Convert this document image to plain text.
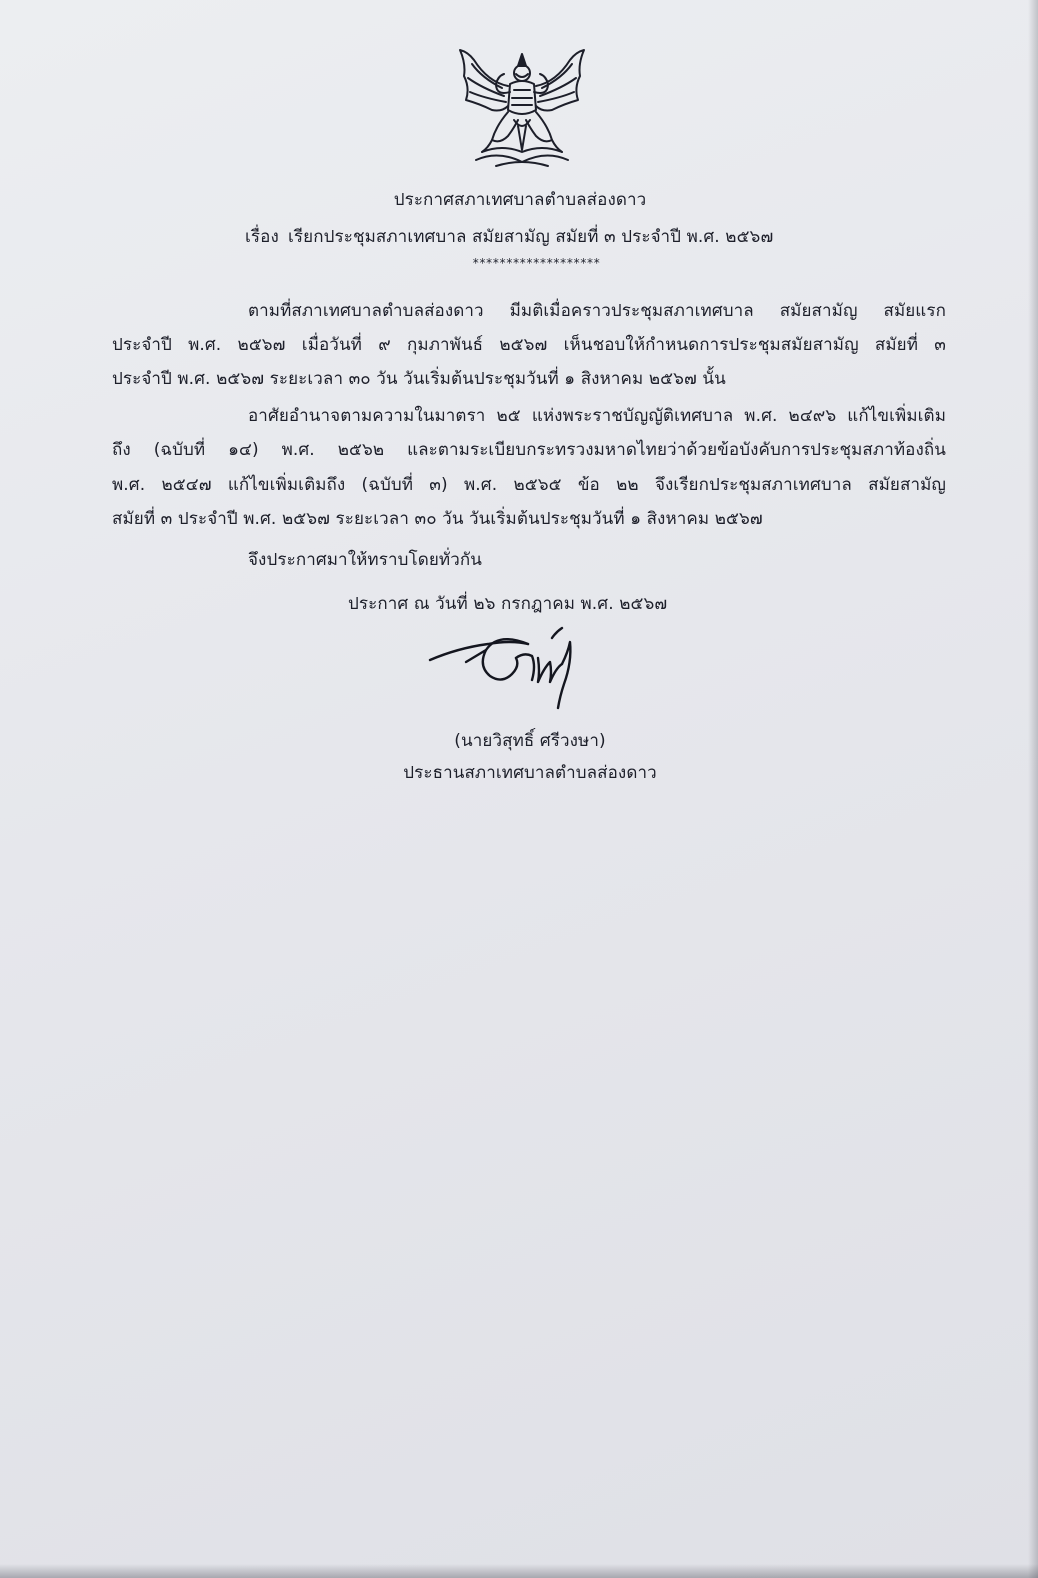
ประกาศสภาเทศบาลตำบลส่องดาว
เรื่อง เรียกประชุมสภาเทศบาล สมัยสามัญ สมัยที่ ๓ ประจำปี พ.ศ. ๒๕๖๗
*******************
ตามที่สภาเทศบาลตำบลส่องดาว มีมติเมื่อคราวประชุมสภาเทศบาล สมัยสามัญ สมัยแรก
ประจำปี พ.ศ. ๒๕๖๗ เมื่อวันที่ ๙ กุมภาพันธ์ ๒๕๖๗ เห็นชอบให้กำหนดการประชุมสมัยสามัญ สมัยที่ ๓
ประจำปี พ.ศ. ๒๕๖๗ ระยะเวลา ๓๐ วัน วันเริ่มต้นประชุมวันที่ ๑ สิงหาคม ๒๕๖๗ นั้น
อาศัยอำนาจตามความในมาตรา ๒๕ แห่งพระราชบัญญัติเทศบาล พ.ศ. ๒๔๙๖ แก้ไขเพิ่มเติม
ถึง (ฉบับที่ ๑๔) พ.ศ. ๒๕๖๒ และตามระเบียบกระทรวงมหาดไทยว่าด้วยข้อบังคับการประชุมสภาท้องถิ่น
พ.ศ. ๒๕๔๗ แก้ไขเพิ่มเติมถึง (ฉบับที่ ๓) พ.ศ. ๒๕๖๕ ข้อ ๒๒ จึงเรียกประชุมสภาเทศบาล สมัยสามัญ
สมัยที่ ๓ ประจำปี พ.ศ. ๒๕๖๗ ระยะเวลา ๓๐ วัน วันเริ่มต้นประชุมวันที่ ๑ สิงหาคม ๒๕๖๗
จึงประกาศมาให้ทราบโดยทั่วกัน
ประกาศ ณ วันที่ ๒๖ กรกฎาคม พ.ศ. ๒๕๖๗
(นายวิสุทธิ์ ศรีวงษา)
ประธานสภาเทศบาลตำบลส่องดาว
